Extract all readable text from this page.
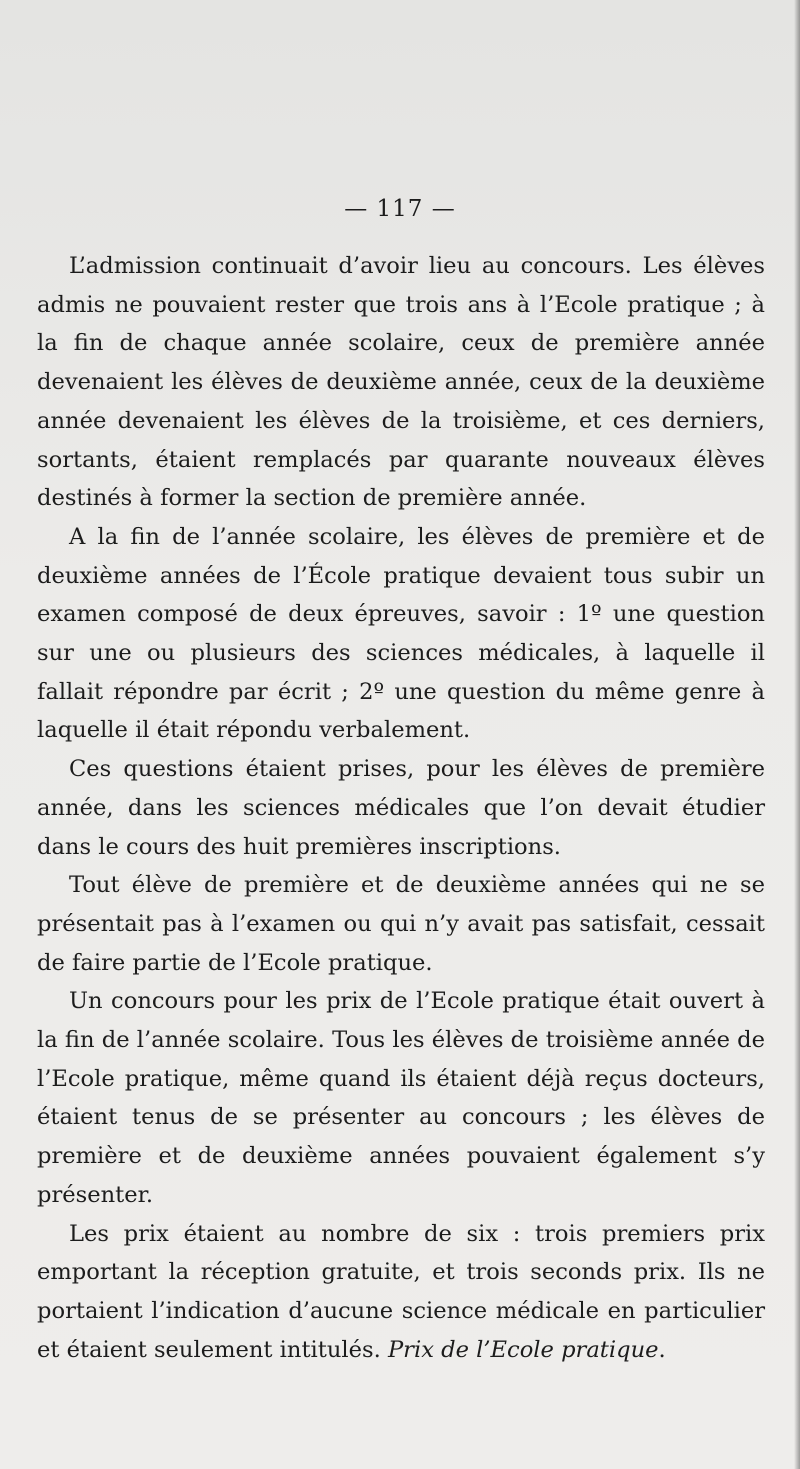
— 117 —

L’admission continuait d’avoir lieu au concours. Les élèves admis ne pouvaient rester que trois ans à l’Ecole pratique ; à la fin de chaque année scolaire, ceux de première année devenaient les élèves de deuxième année, ceux de la deuxième année devenaient les élèves de la troisième, et ces derniers, sortants, étaient remplacés par quarante nouveaux élèves destinés à former la section de première année.

A la fin de l’année scolaire, les élèves de première et de deuxième années de l’École pratique devaient tous subir un examen composé de deux épreuves, savoir : 1º une question sur une ou plusieurs des sciences médicales, à laquelle il fallait répondre par écrit ; 2º une question du même genre à laquelle il était répondu verbalement.

Ces questions étaient prises, pour les élèves de première année, dans les sciences médicales que l’on devait étudier dans le cours des huit premières inscriptions.

Tout élève de première et de deuxième années qui ne se présentait pas à l’examen ou qui n’y avait pas satisfait, cessait de faire partie de l’Ecole pratique.

Un concours pour les prix de l’Ecole pratique était ouvert à la fin de l’année scolaire. Tous les élèves de troisième année de l’Ecole pratique, même quand ils étaient déjà reçus docteurs, étaient tenus de se présenter au concours ; les élèves de première et de deuxième années pouvaient également s’y présenter.

Les prix étaient au nombre de six : trois premiers prix emportant la réception gratuite, et trois seconds prix. Ils ne portaient l’indication d’aucune science médicale en particulier et étaient seulement intitulés. Prix de l’Ecole pratique.
